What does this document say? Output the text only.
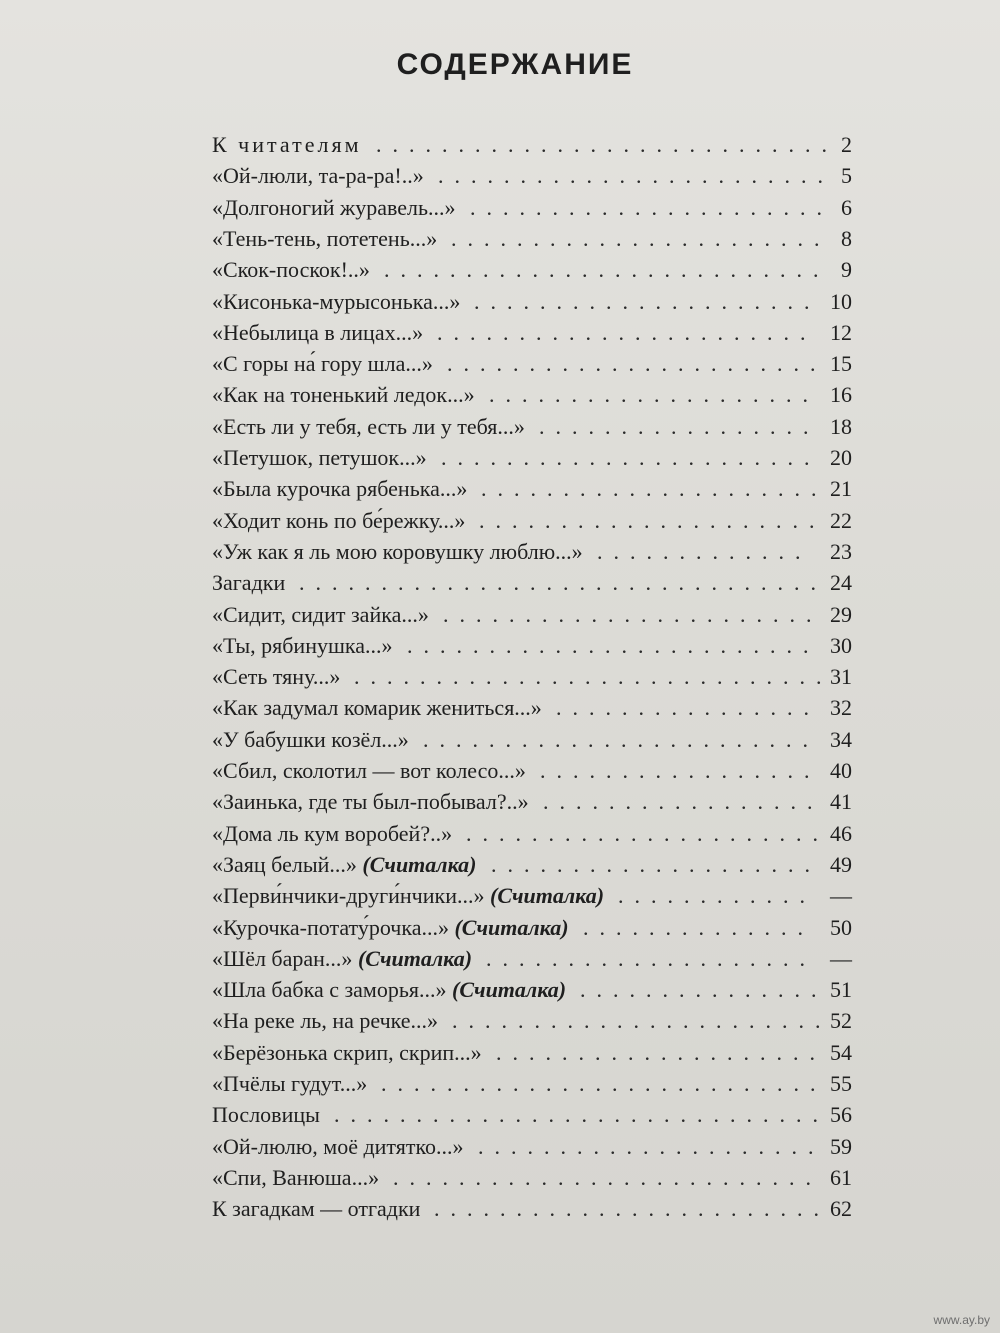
СОДЕРЖАНИЕ
К читателям ............................ 2
«Ой-люли, та-ра-ра!..» ........................ 5
«Долгоногий журавель...» ...................... 6
«Тень-тень, потетень...» ....................... 8
«Скок-поскок!..» ........................... 9
«Кисонька-мурысонька...» ..................... 10
«Небылица в лицах...» ....................... 12
«С горы на́ гору шла...» ....................... 15
«Как на тоненький ледок...» .................... 16
«Есть ли у тебя, есть ли у тебя...» ................. 18
«Петушок, петушок...» ....................... 20
«Была курочка рябенька...» ..................... 21
«Ходит конь по бе́режку...» ..................... 22
«Уж как я ль мою коровушку люблю...» ............. 23
Загадки ................................ 24
«Сидит, сидит зайка...» ....................... 29
«Ты, рябинушка...» ......................... 30
«Сеть тяну...» .............................
31
«Как задумал комарик жениться...» ................ 32
«У бабушки козёл...» ........................ 34
«Сбил, сколотил — вот колесо...» ................. 40
«Заинька, где ты был-побывал?..» ................. 41
«Дома ль кум воробей?..» ...................... 46
«Заяц белый...» (Считалка) .................... 49
«Перви́нчики-други́нчики...» (Считалка) ............ —
«Курочка-потату́рочка...» (Считалка) .............. 50
«Шёл баран...» (Считалка) .................... —
«Шла бабка с заморья...» (Считалка) ............... 51
«На реке ль, на речке...» .......................
52
«Берёзонька скрип, скрип...» .................... 54
«Пчёлы гудут...» ........................... 55
Пословицы .............................. 56
«Ой-люлю, моё дитятко...» ..................... 59
«Спи, Ванюша...» .......................... 61
К загадкам — отгадки ........................ 62
www.ay.by
